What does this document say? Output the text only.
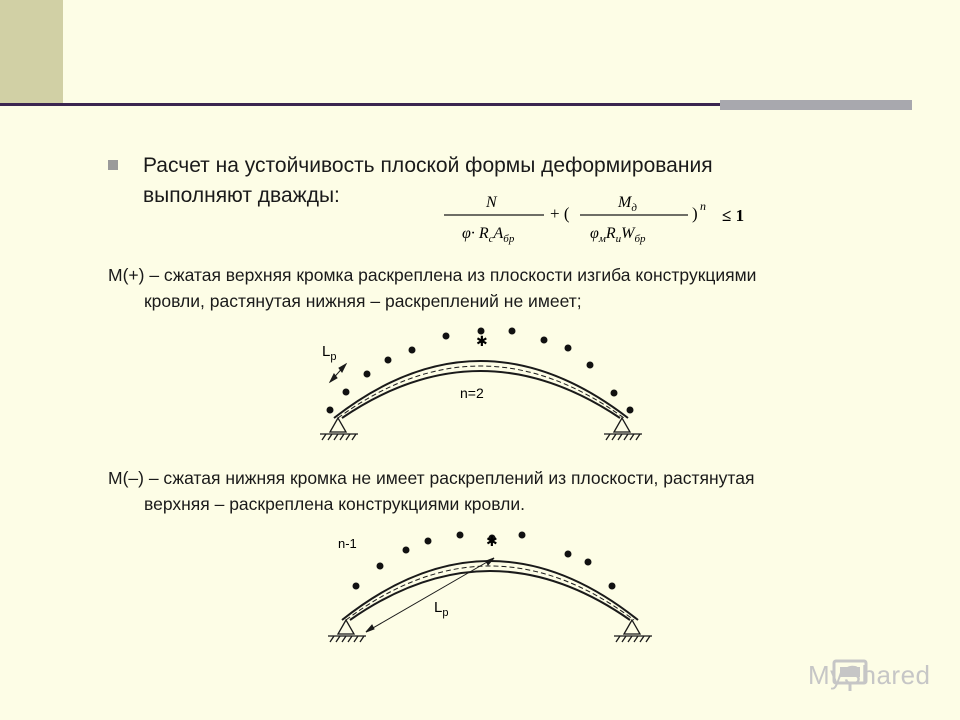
Расчет на устойчивость плоской формы деформирования
выполняют дважды:	N
$\varphi\cdot R_cA_{бр}$
+ (
$M_д$
$\varphi_мR_иW_{бр}$
) n ≤ 1

М(+) – сжатая верхняя кромка раскреплена из плоскости изгиба конструкциями
кровли, растянутая нижняя – раскреплений не имеет;

✱
$L_p$
n=2

М(–) – сжатая нижняя кромка не имеет раскреплений из плоскости, растянутая
верхняя – раскреплена конструкциями кровли.

✱
n-1
$L_p$
MyShared
